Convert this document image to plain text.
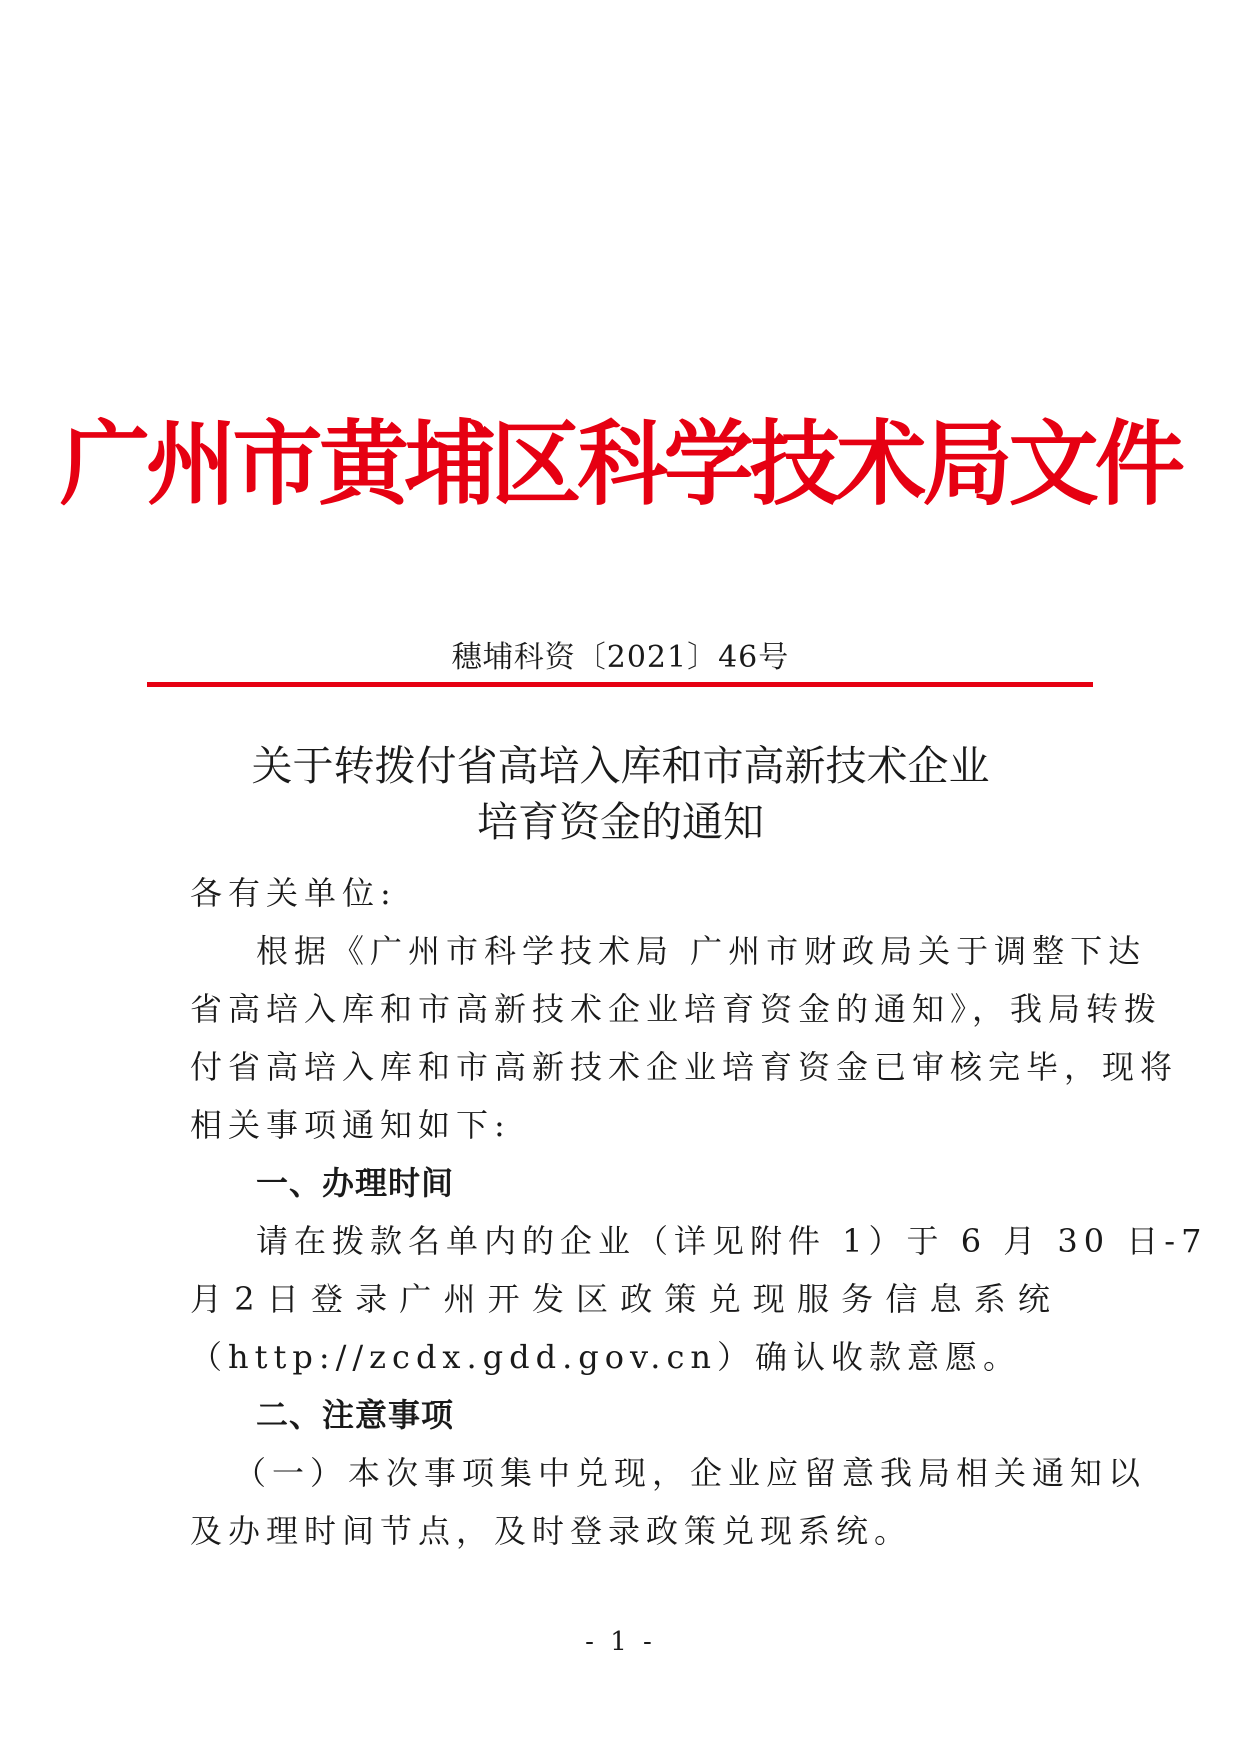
广州市黄埔区科学技术局文件
穗埔科资〔2021〕46号
关于转拨付省高培入库和市高新技术企业
培育资金的通知
各有关单位:
根据《广州市科学技术局 广州市财政局关于调整下达
省高培入库和市高新技术企业培育资金的通知》，我局转拨
付省高培入库和市高新技术企业培育资金已审核完毕，现将
相关事项通知如下:
一、办理时间
请在拨款名单内的企业（详见附件 1）于 6 月 30 日-7
月 2 日 登 录 广 州 开 发 区 政 策 兑 现 服 务 信 息 系 统
（http://zcdx.gdd.gov.cn）确认收款意愿。
二、注意事项
（一）本次事项集中兑现，企业应留意我局相关通知以
及办理时间节点，及时登录政策兑现系统。
- 1 -
